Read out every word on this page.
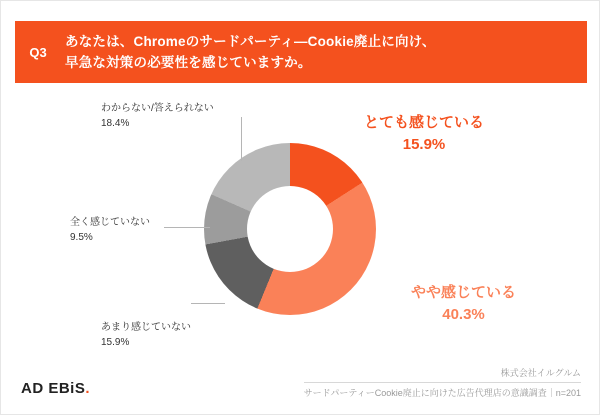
Q3
あなたは、Chromeのサードパーティ―Cookie廃止に向け、
早急な対策の必要性を感じていますか。
わからない/答えられない
18.4%
全く感じていない
9.5%
あまり感じていない
15.9%
とても感じている
15.9%
やや感じている
40.3%
AD EBiS.
株式会社イルグルム
サードパーティーCookie廃止に向けた広告代理店の意識調査｜n=201
